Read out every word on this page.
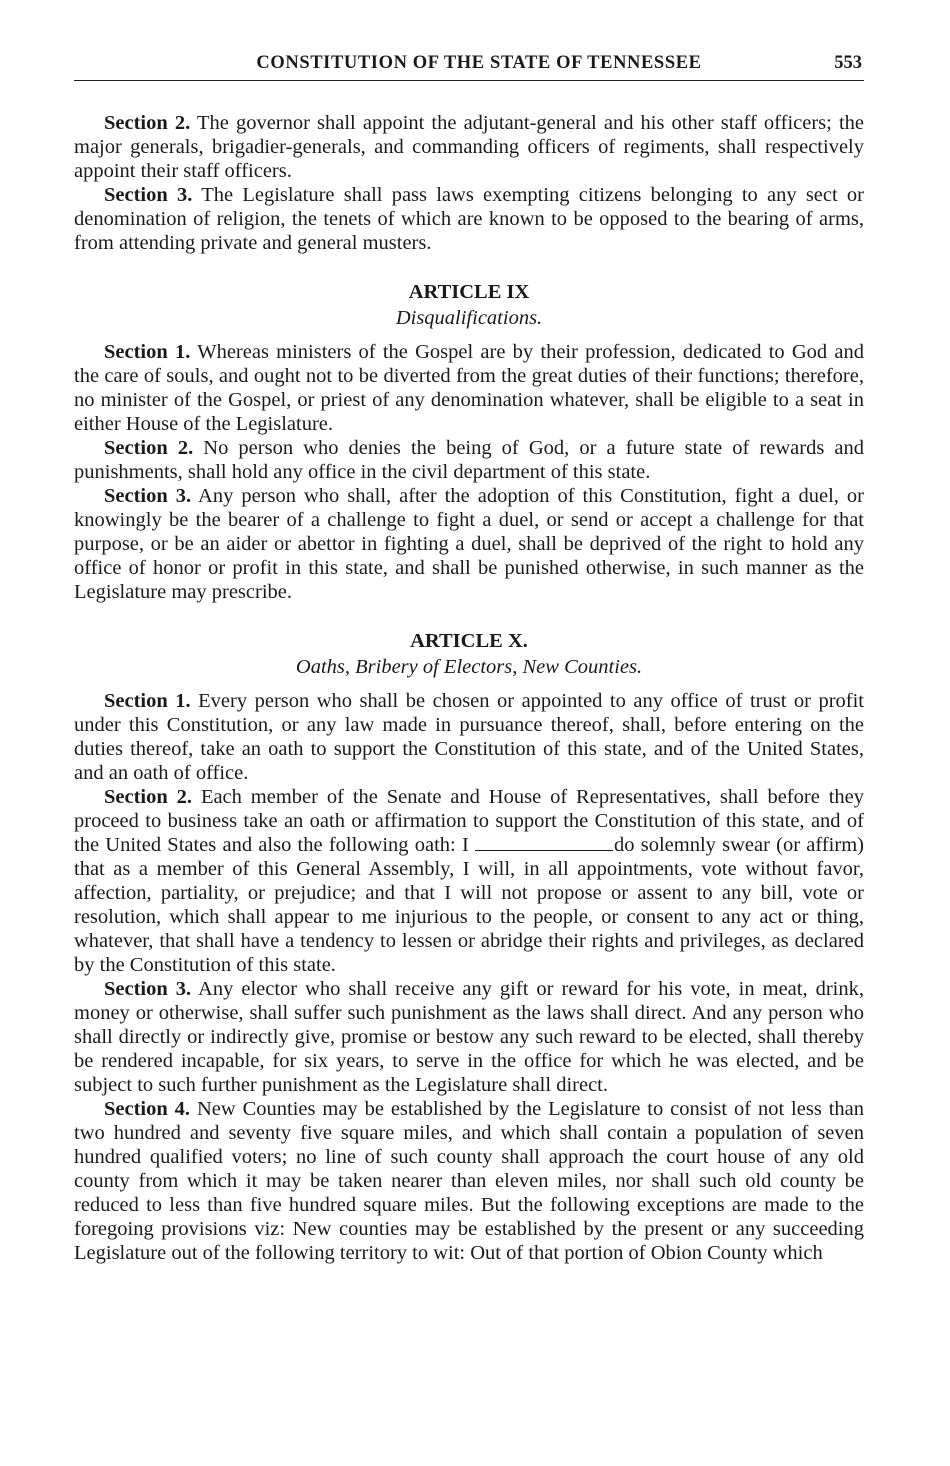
CONSTITUTION OF THE STATE OF TENNESSEE	553

Section 2. The governor shall appoint the adjutant-general and his other staff officers; the major generals, brigadier-generals, and commanding officers of regiments, shall respectively appoint their staff officers.

Section 3. The Legislature shall pass laws exempting citizens belonging to any sect or denomination of religion, the tenets of which are known to be opposed to the bearing of arms, from attending private and general musters.

ARTICLE IX
Disqualifications.

Section 1. Whereas ministers of the Gospel are by their profession, dedicated to God and the care of souls, and ought not to be diverted from the great duties of their functions; therefore, no minister of the Gospel, or priest of any denomination whatever, shall be eligible to a seat in either House of the Legislature.

Section 2. No person who denies the being of God, or a future state of rewards and punishments, shall hold any office in the civil department of this state.

Section 3. Any person who shall, after the adoption of this Constitution, fight a duel, or knowingly be the bearer of a challenge to fight a duel, or send or accept a challenge for that purpose, or be an aider or abettor in fighting a duel, shall be deprived of the right to hold any office of honor or profit in this state, and shall be punished otherwise, in such manner as the Legislature may prescribe.

ARTICLE X.
Oaths, Bribery of Electors, New Counties.

Section 1. Every person who shall be chosen or appointed to any office of trust or profit under this Constitution, or any law made in pursuance thereof, shall, before entering on the duties thereof, take an oath to support the Constitution of this state, and of the United States, and an oath of office.

Section 2. Each member of the Senate and House of Representatives, shall before they proceed to business take an oath or affirmation to support the Constitution of this state, and of the United States and also the following oath: I	do solemnly swear (or affirm) that as a member of this General Assembly, I will, in all appointments, vote without favor, affection, partiality, or prejudice; and that I will not propose or assent to any bill, vote or resolution, which shall appear to me injurious to the people, or consent to any act or thing, whatever, that shall have a tendency to lessen or abridge their rights and privileges, as declared by the Constitution of this state.

Section 3. Any elector who shall receive any gift or reward for his vote, in meat, drink, money or otherwise, shall suffer such punishment as the laws shall direct. And any person who shall directly or indirectly give, promise or bestow any such reward to be elected, shall thereby be rendered incapable, for six years, to serve in the office for which he was elected, and be subject to such further punishment as the Legislature shall direct.

Section 4. New Counties may be established by the Legislature to consist of not less than two hundred and seventy five square miles, and which shall contain a population of seven hundred qualified voters; no line of such county shall approach the court house of any old county from which it may be taken nearer than eleven miles, nor shall such old county be reduced to less than five hundred square miles. But the following exceptions are made to the foregoing provisions viz: New counties may be established by the present or any succeeding Legislature out of the following territory to wit: Out of that portion of Obion County which
